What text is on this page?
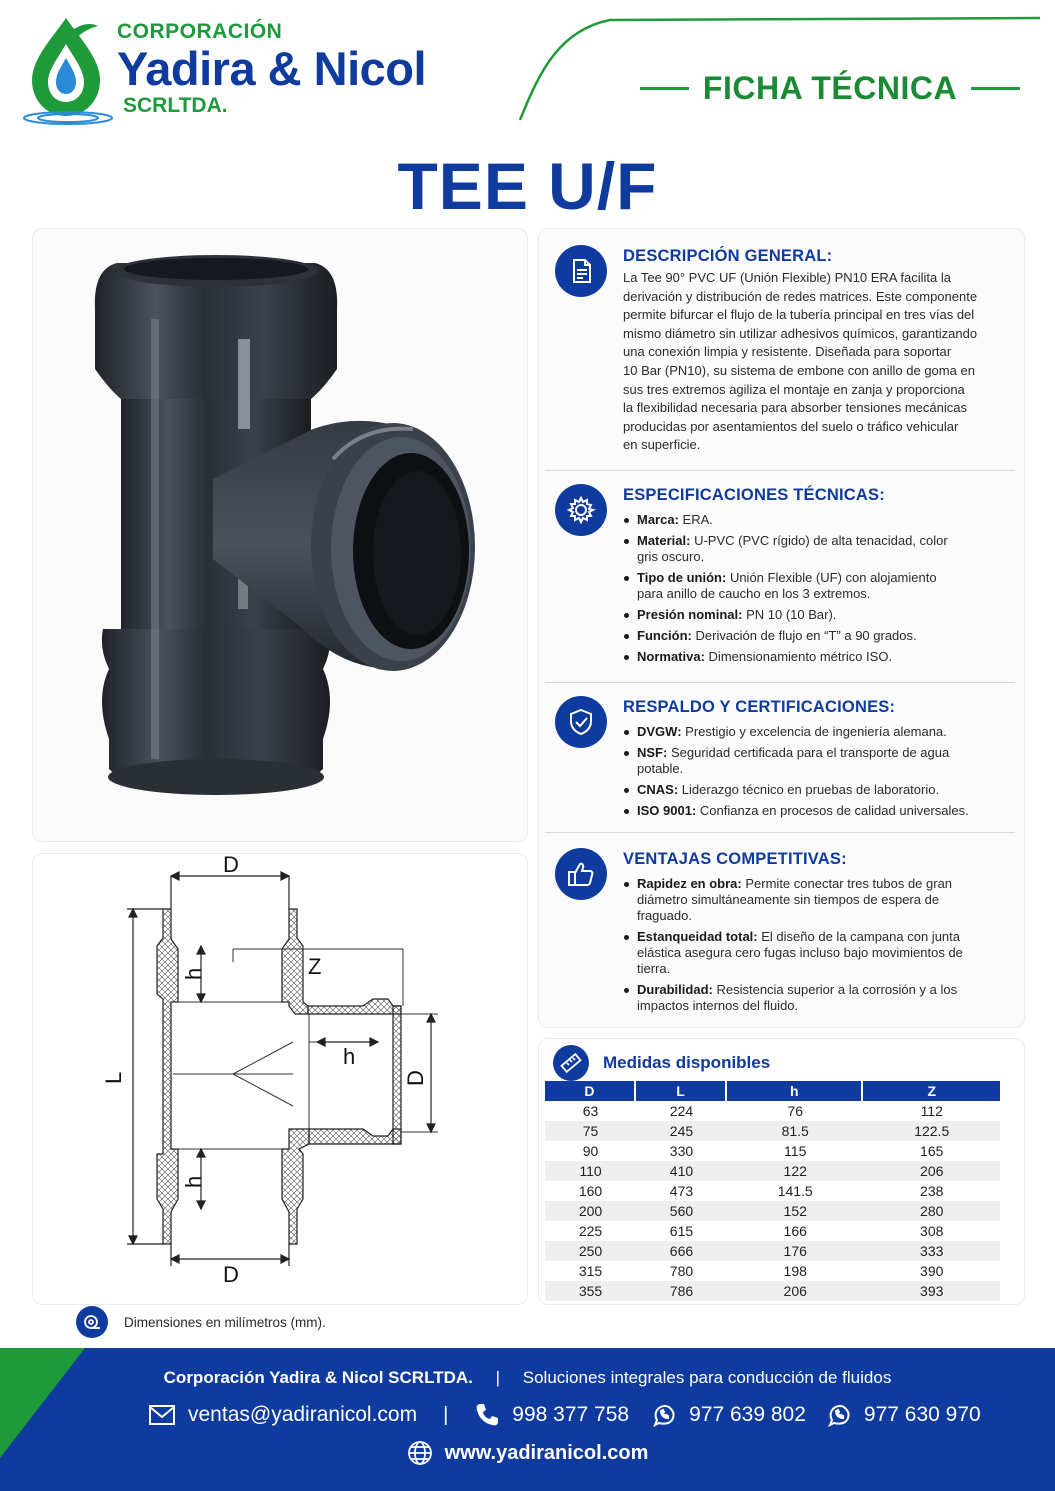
CORPORACIÓN
Yadira & Nicol
SCRLTDA.	FICHA TÉCNICA
TEE U/F
D
D
Z
h
L
h
h
D
DESCRIPCIÓN GENERAL:
La Tee 90° PVC UF (Unión Flexible) PN10 ERA facilita la
derivación y distribución de redes matrices. Este componente
permite bifurcar el flujo de la tubería principal en tres vías del
mismo diámetro sin utilizar adhesivos químicos, garantizando
una conexión limpia y resistente. Diseñada para soportar
10 Bar (PN10), su sistema de embone con anillo de goma en
sus tres extremos agiliza el montaje en zanja y proporciona
la flexibilidad necesaria para absorber tensiones mecánicas
producidas por asentamientos del suelo o tráfico vehicular
en superficie.
ESPECIFICACIONES TÉCNICAS:
Marca: ERA.
Material: U-PVC (PVC rígido) de alta tenacidad, color gris oscuro.
Tipo de unión: Unión Flexible (UF) con alojamiento para anillo de caucho en los 3 extremos.
Presión nominal: PN 10 (10 Bar).
Función: Derivación de flujo en “T” a 90 grados.
Normativa: Dimensionamiento métrico ISO.
RESPALDO Y CERTIFICACIONES:
DVGW: Prestigio y excelencia de ingeniería alemana.
NSF: Seguridad certificada para el transporte de agua potable.
CNAS: Liderazgo técnico en pruebas de laboratorio.
ISO 9001: Confianza en procesos de calidad universales.
VENTAJAS COMPETITIVAS:
Rapidez en obra: Permite conectar tres tubos de gran diámetro simultáneamente sin tiempos de espera de fraguado.
Estanqueidad total: El diseño de la campana con junta elástica asegura cero fugas incluso bajo movimientos de tierra.
Durabilidad: Resistencia superior a la corrosión y a los impactos internos del fluido.
Medidas disponibles
D	L	h	Z
63	224	76	112
75	245	81.5	122.5
90	330	115	165
110	410	122	206
160	473	141.5	238
200	560	152	280
225	615	166	308
250	666	176	333
315	780	198	390
355	786	206	393
Dimensiones en milímetros (mm).
Corporación Yadira & Nicol SCRLTDA. | Soluciones integrales para conducción de fluidos
ventas@yadiranicol.com |	998 377 758	977 639 802	977 630 970
www.yadiranicol.com
